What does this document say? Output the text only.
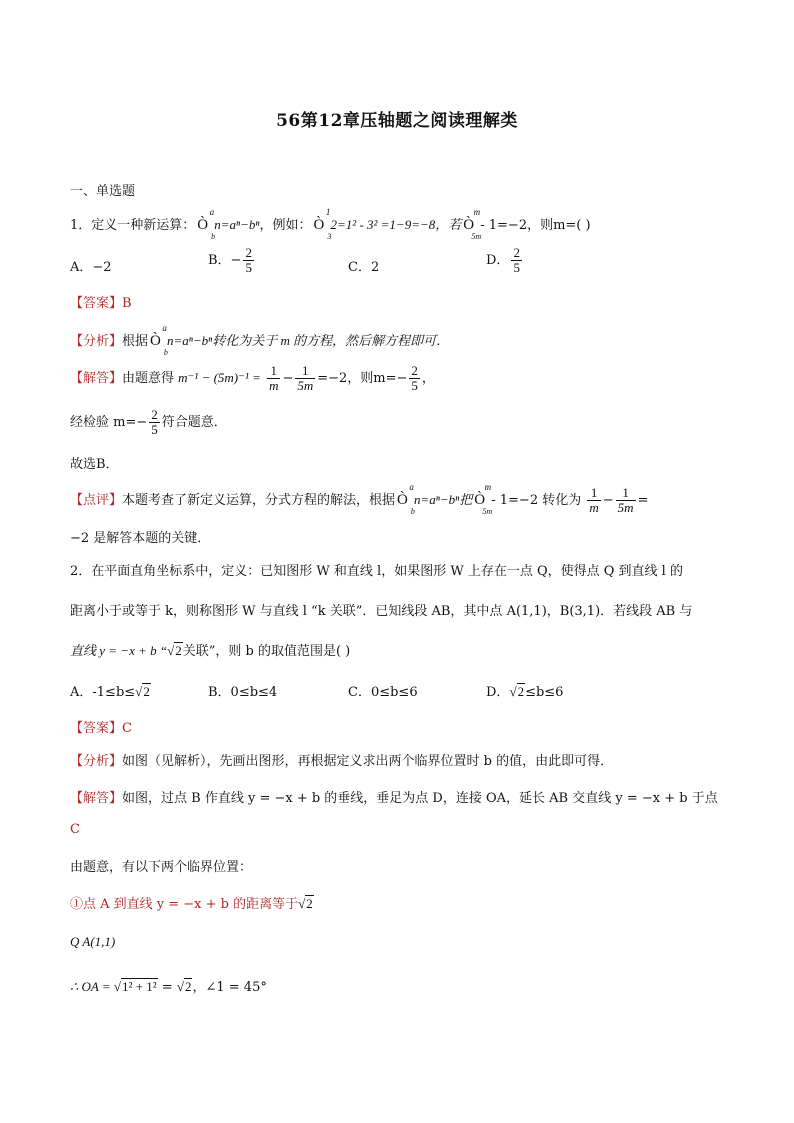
56第12章压轴题之阅读理解类
一、单选题
1．定义一种新运算： Ò
a
b
n=aⁿ−bⁿ，例如： Ò
1
3
2=1² - 3² =1−9=−8，若 Ò
m
5m
- 1=−2，则m=( )
A．−2	B．− $\frac{2}{5}$	C．2	D． $\frac{2}{5}$
【答案】B
【分析】根据 Ò
a
b
n=aⁿ−bⁿ转化为关于 m 的方程，然后解方程即可．
【解答】由题意得 $m^{-1} - (5m)^{-1} = \frac{1}{m} - \frac{1}{5m} =-2$，则$m=- \frac{2}{5}$ ，
经检验 $m=- \frac{2}{5}$ 符合题意．
故选B．
【点评】本题考查了新定义运算，分式方程的解法，根据 Ò
a
b
n=aⁿ−bⁿ把 Ò
m
5m
- 1=−2 转化为 $\frac{1}{m} - \frac{1}{5m}$ =
−2 是解答本题的关键．
2．在平面直角坐标系中，定义：已知图形 W 和直线 l，如果图形 W 上存在一点 Q，使得点 Q 到直线 l 的
距离小于或等于 k，则称图形 W 与直线 l “k 关联”．已知线段 AB，其中点 A(1,1)，B(3,1)．若线段 AB 与
直线 y = −x + b “√2关联”，则 b 的取值范围是( )
A．-1≤b≤√2	B．0≤b≤4	C．0≤b≤6	D．√2≤b≤6
【答案】C
【分析】如图（见解析），先画出图形，再根据定义求出两个临界位置时 b 的值，由此即可得．
【解答】如图，过点 B 作直线 y = −x + b 的垂线，垂足为点 D，连接 OA，延长 AB 交直线 y = −x + b 于点
C
由题意，有以下两个临界位置：
①点 A 到直线 y = −x + b 的距离等于√2
Q A(1,1)
∴ OA = √1² + 1² = √2，∠1 = 45°
